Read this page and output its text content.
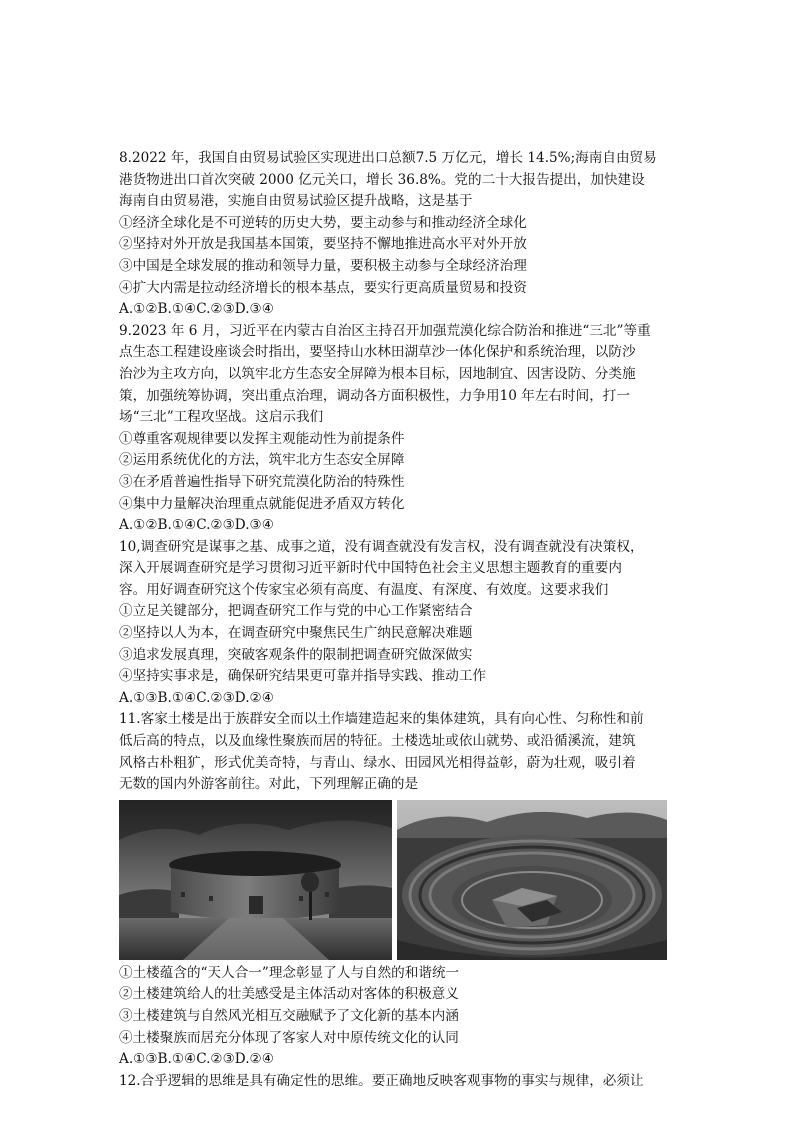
8.2022 年，我国自由贸易试验区实现进出口总额7.5 万亿元，增长 14.5%;海南自由贸易
港货物进出口首次突破 2000 亿元关口，增长 36.8%。党的二十大报告提出，加快建设
海南自由贸易港，实施自由贸易试验区提升战略，这是基于
①经济全球化是不可逆转的历史大势，要主动参与和推动经济全球化
②坚持对外开放是我国基本国策，要坚持不懈地推进高水平对外开放
③中国是全球发展的推动和领导力量，要积极主动参与全球经济治理
④扩大内需是拉动经济增长的根本基点，要实行更高质量贸易和投资
A.①②B.①④C.②③D.③④
9.2023 年 6 月，习近平在内蒙古自治区主持召开加强荒漠化综合防治和推进“三北”等重
点生态工程建设座谈会时指出，要坚持山水林田湖草沙一体化保护和系统治理，以防沙
治沙为主攻方向，以筑牢北方生态安全屏障为根本目标，因地制宜、因害设防、分类施
策，加强统筹协调，突出重点治理，调动各方面积极性，力争用10 年左右时间，打一
场“三北”工程攻坚战。这启示我们
①尊重客观规律要以发挥主观能动性为前提条件
②运用系统优化的方法，筑牢北方生态安全屏障
③在矛盾普遍性指导下研究荒漠化防治的特殊性
④集中力量解决治理重点就能促进矛盾双方转化
A.①②B.①④C.②③D.③④
10,调查研究是谋事之基、成事之道，没有调查就没有发言权，没有调查就没有决策权，
深入开展调查研究是学习贯彻习近平新时代中国特色社会主义思想主题教育的重要内
容。用好调查研究这个传家宝必须有高度、有温度、有深度、有效度。这要求我们
①立足关键部分，把调查研究工作与党的中心工作紧密结合
②坚持以人为本，在调查研究中聚焦民生广纳民意解决难题
③追求发展真理，突破客观条件的限制把调查研究做深做实
④坚持实事求是，确保研究结果更可靠并指导实践、推动工作
A.①③B.①④C.②③D.②④
11.客家土楼是出于族群安全而以土作墙建造起来的集体建筑，具有向心性、匀称性和前
低后高的特点，以及血缘性聚族而居的特征。土楼选址或依山就势、或沿循溪流，建筑
风格古朴粗犷，形式优美奇特，与青山、绿水、田园风光相得益彰，蔚为壮观，吸引着
无数的国内外游客前往。对此，下列理解正确的是
①土楼蕴含的“天人合一”理念彰显了人与自然的和谐统一
②土楼建筑给人的壮美感受是主体活动对客体的积极意义
③土楼建筑与自然风光相互交融赋予了文化新的基本内涵
④土楼聚族而居充分体现了客家人对中原传统文化的认同
A.①③B.①④C.②③D.②④
12.合乎逻辑的思维是具有确定性的思维。要正确地反映客观事物的事实与规律，必须让
